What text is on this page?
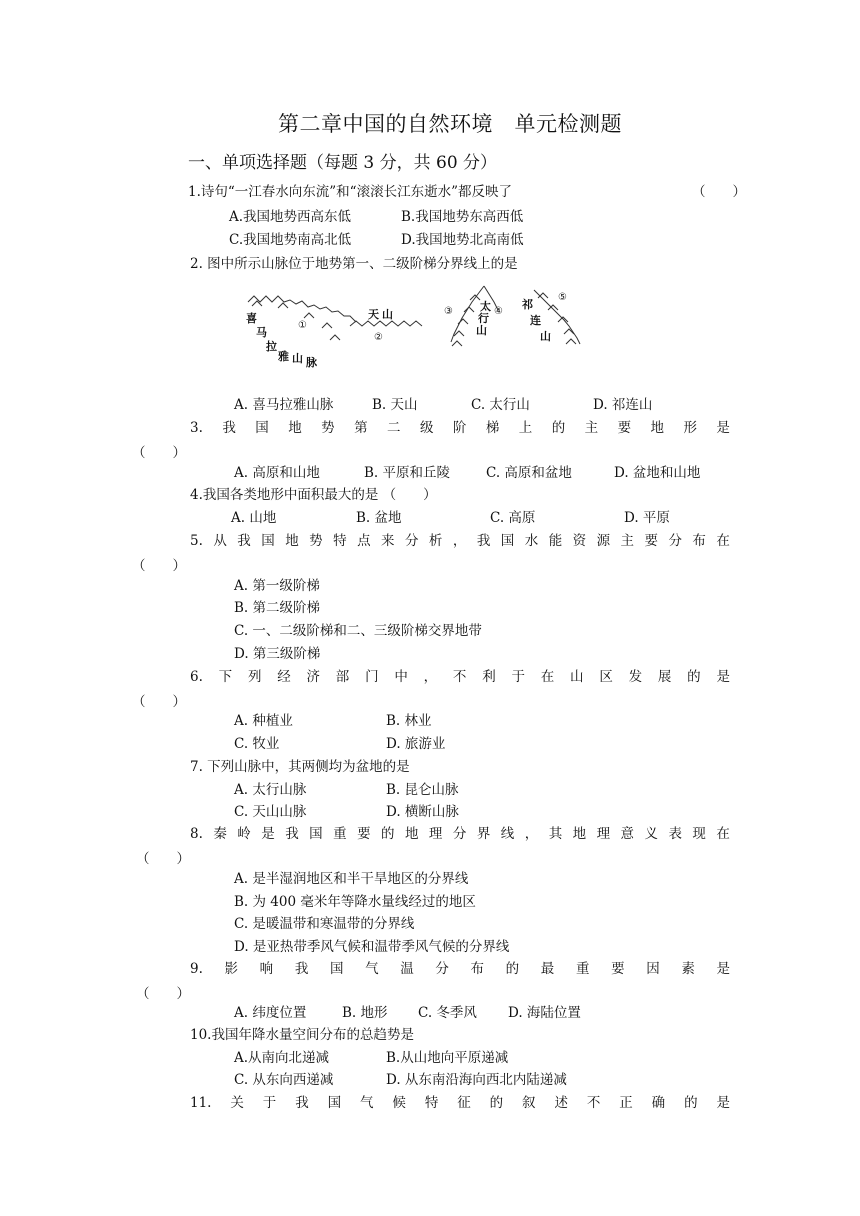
第二章中国的自然环境　单元检测题
一、单项选择题（每题 3 分，共 60 分）
1.诗句“一江春水向东流”和“滚滚长江东逝水”都反映了	（　　）
A.我国地势西高东低	B.我国地势东高西低
C.我国地势南高北低	D.我国地势北高南低
2. 图中所示山脉位于地势第一、二级阶梯分界线上的是
喜
马
拉
雅 山 脉
①
天 山
②
③ 太
行
山
④
祁
连
山
⑤
A. 喜马拉雅山脉	B. 天山	C. 太行山	D. 祁连山
3. 我 国 地 势 第 二 级 阶 梯 上 的 主 要 地 形 是
（　　）
A. 高原和山地	B. 平原和丘陵	C. 高原和盆地	D. 盆地和山地
4.我国各类地形中面积最大的是 （　　）
A. 山地	B. 盆地	C. 高原	D. 平原
5. 从 我 国 地 势 特 点 来 分 析 ， 我 国 水 能 资 源 主 要 分 布 在
（　　）
A. 第一级阶梯
B. 第二级阶梯
C. 一、二级阶梯和二、三级阶梯交界地带
D. 第三级阶梯
6. 下 列 经 济 部 门 中 ， 不 利 于 在 山 区 发 展 的 是
（　　）
A. 种植业	B. 林业
C. 牧业	D. 旅游业
7. 下列山脉中，其两侧均为盆地的是
A. 太行山脉	B. 昆仑山脉
C. 天山山脉	D. 横断山脉
8. 秦 岭 是 我 国 重 要 的 地 理 分 界 线 ， 其 地 理 意 义 表 现 在
（　　）
A. 是半湿润地区和半干旱地区的分界线
B. 为 400 毫米年等降水量线经过的地区
C. 是暖温带和寒温带的分界线
D. 是亚热带季风气候和温带季风气候的分界线
9. 影 响 我 国 气 温 分 布 的 最 重 要 因 素 是
（　　）
A. 纬度位置	B. 地形 C. 冬季风 D. 海陆位置
10.我国年降水量空间分布的总趋势是
A.从南向北递减	B.从山地向平原递减
C. 从东向西递减	D. 从东南沿海向西北内陆递减
11. 关 于 我 国 气 候 特 征 的 叙 述 不 正 确 的 是
